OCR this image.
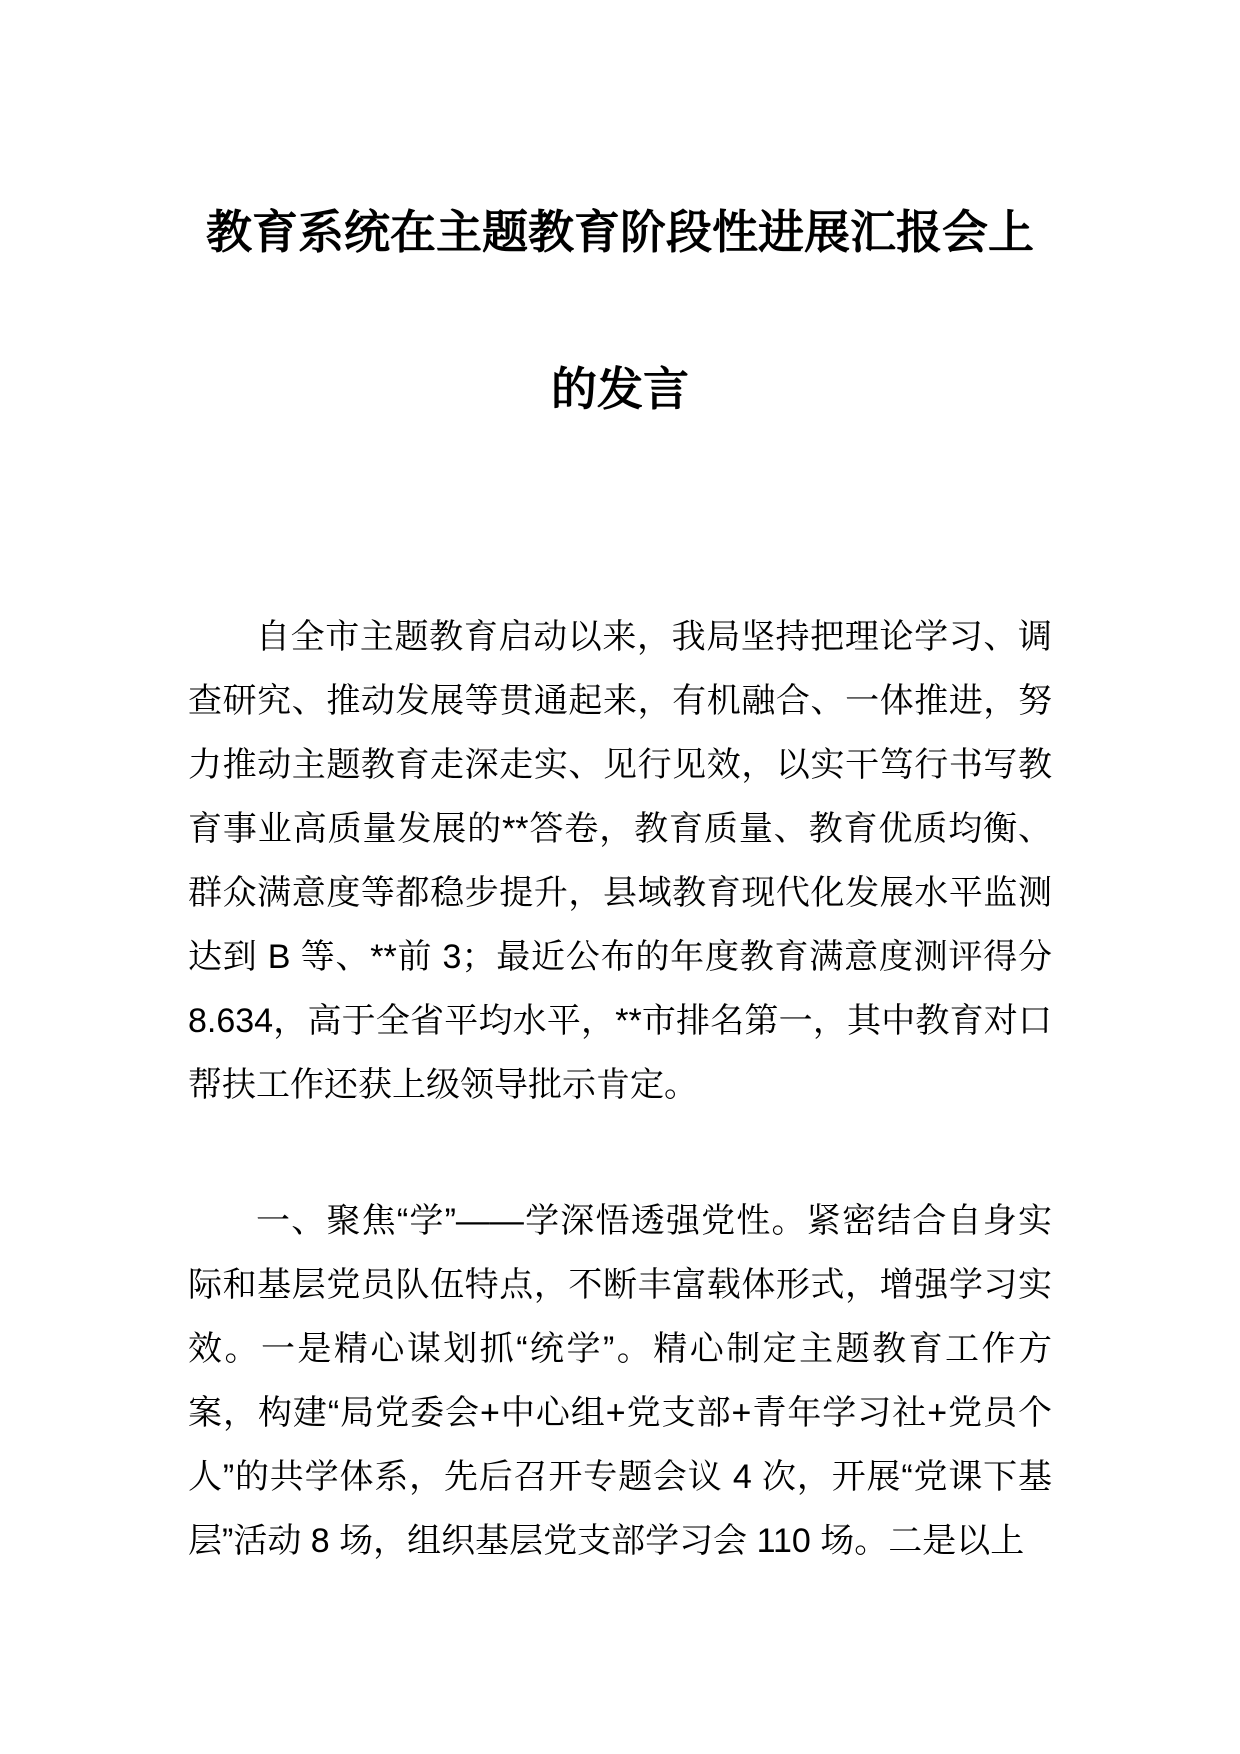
教育系统在主题教育阶段性进展汇报会上的发言

自全市主题教育启动以来，我局坚持把理论学习、调查研究、推动发展等贯通起来，有机融合、一体推进，努力推动主题教育走深走实、见行见效，以实干笃行书写教育事业高质量发展的**答卷，教育质量、教育优质均衡、群众满意度等都稳步提升，县域教育现代化发展水平监测达到 B 等、**前 3；最近公布的年度教育满意度测评得分 8.634，高于全省平均水平，**市排名第一，其中教育对口帮扶工作还获上级领导批示肯定。

一、聚焦“学”——学深悟透强党性。紧密结合自身实际和基层党员队伍特点，不断丰富载体形式，增强学习实效。一是精心谋划抓“统学”。精心制定主题教育工作方案，构建“局党委会+中心组+党支部+青年学习社+党员个人”的共学体系，先后召开专题会议 4 次，开展“党课下基层”活动 8 场，组织基层党支部学习会 110 场。二是以上
